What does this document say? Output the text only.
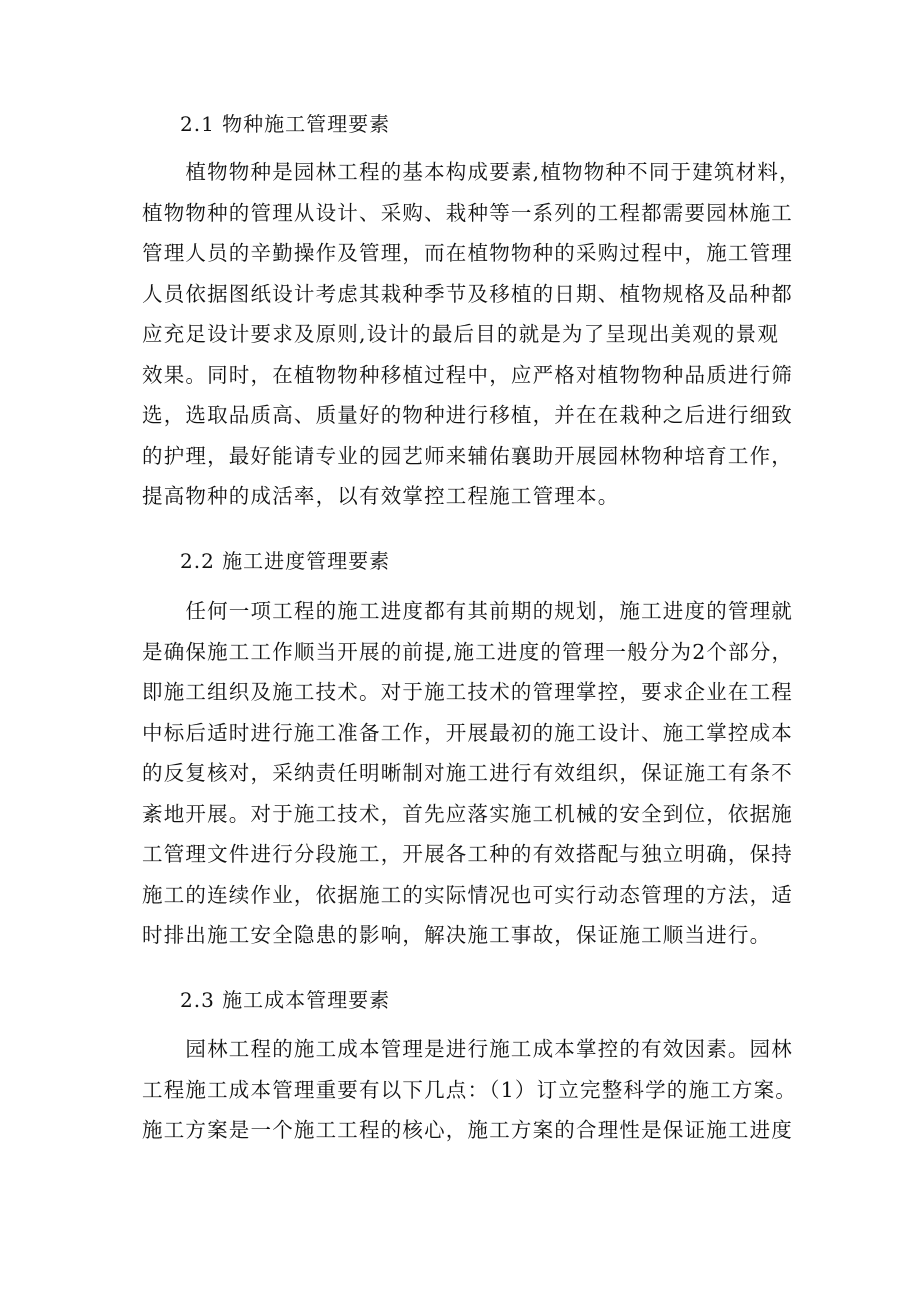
2.1 物种施工管理要素
　　植物物种是园林工程的基本构成要素,植物物种不同于建筑材料，
植物物种的管理从设计、采购、栽种等一系列的工程都需要园林施工
管理人员的辛勤操作及管理，而在植物物种的采购过程中，施工管理
人员依据图纸设计考虑其栽种季节及移植的日期、植物规格及品种都
应充足设计要求及原则,设计的最后目的就是为了呈现出美观的景观
效果。同时，在植物物种移植过程中，应严格对植物物种品质进行筛
选，选取品质高、质量好的物种进行移植，并在在栽种之后进行细致
的护理，最好能请专业的园艺师来辅佑襄助开展园林物种培育工作，
提高物种的成活率，以有效掌控工程施工管理本。
2.2 施工进度管理要素
　　任何一项工程的施工进度都有其前期的规划，施工进度的管理就
是确保施工工作顺当开展的前提,施工进度的管理一般分为2个部分，
即施工组织及施工技术。对于施工技术的管理掌控，要求企业在工程
中标后适时进行施工准备工作，开展最初的施工设计、施工掌控成本
的反复核对，采纳责任明晰制对施工进行有效组织，保证施工有条不
紊地开展。对于施工技术，首先应落实施工机械的安全到位，依据施
工管理文件进行分段施工，开展各工种的有效搭配与独立明确，保持
施工的连续作业，依据施工的实际情况也可实行动态管理的方法，适
时排出施工安全隐患的影响，解决施工事故，保证施工顺当进行。
2.3 施工成本管理要素
　　园林工程的施工成本管理是进行施工成本掌控的有效因素。园林
工程施工成本管理重要有以下几点：（1）订立完整科学的施工方案。
施工方案是一个施工工程的核心，施工方案的合理性是保证施工进度
